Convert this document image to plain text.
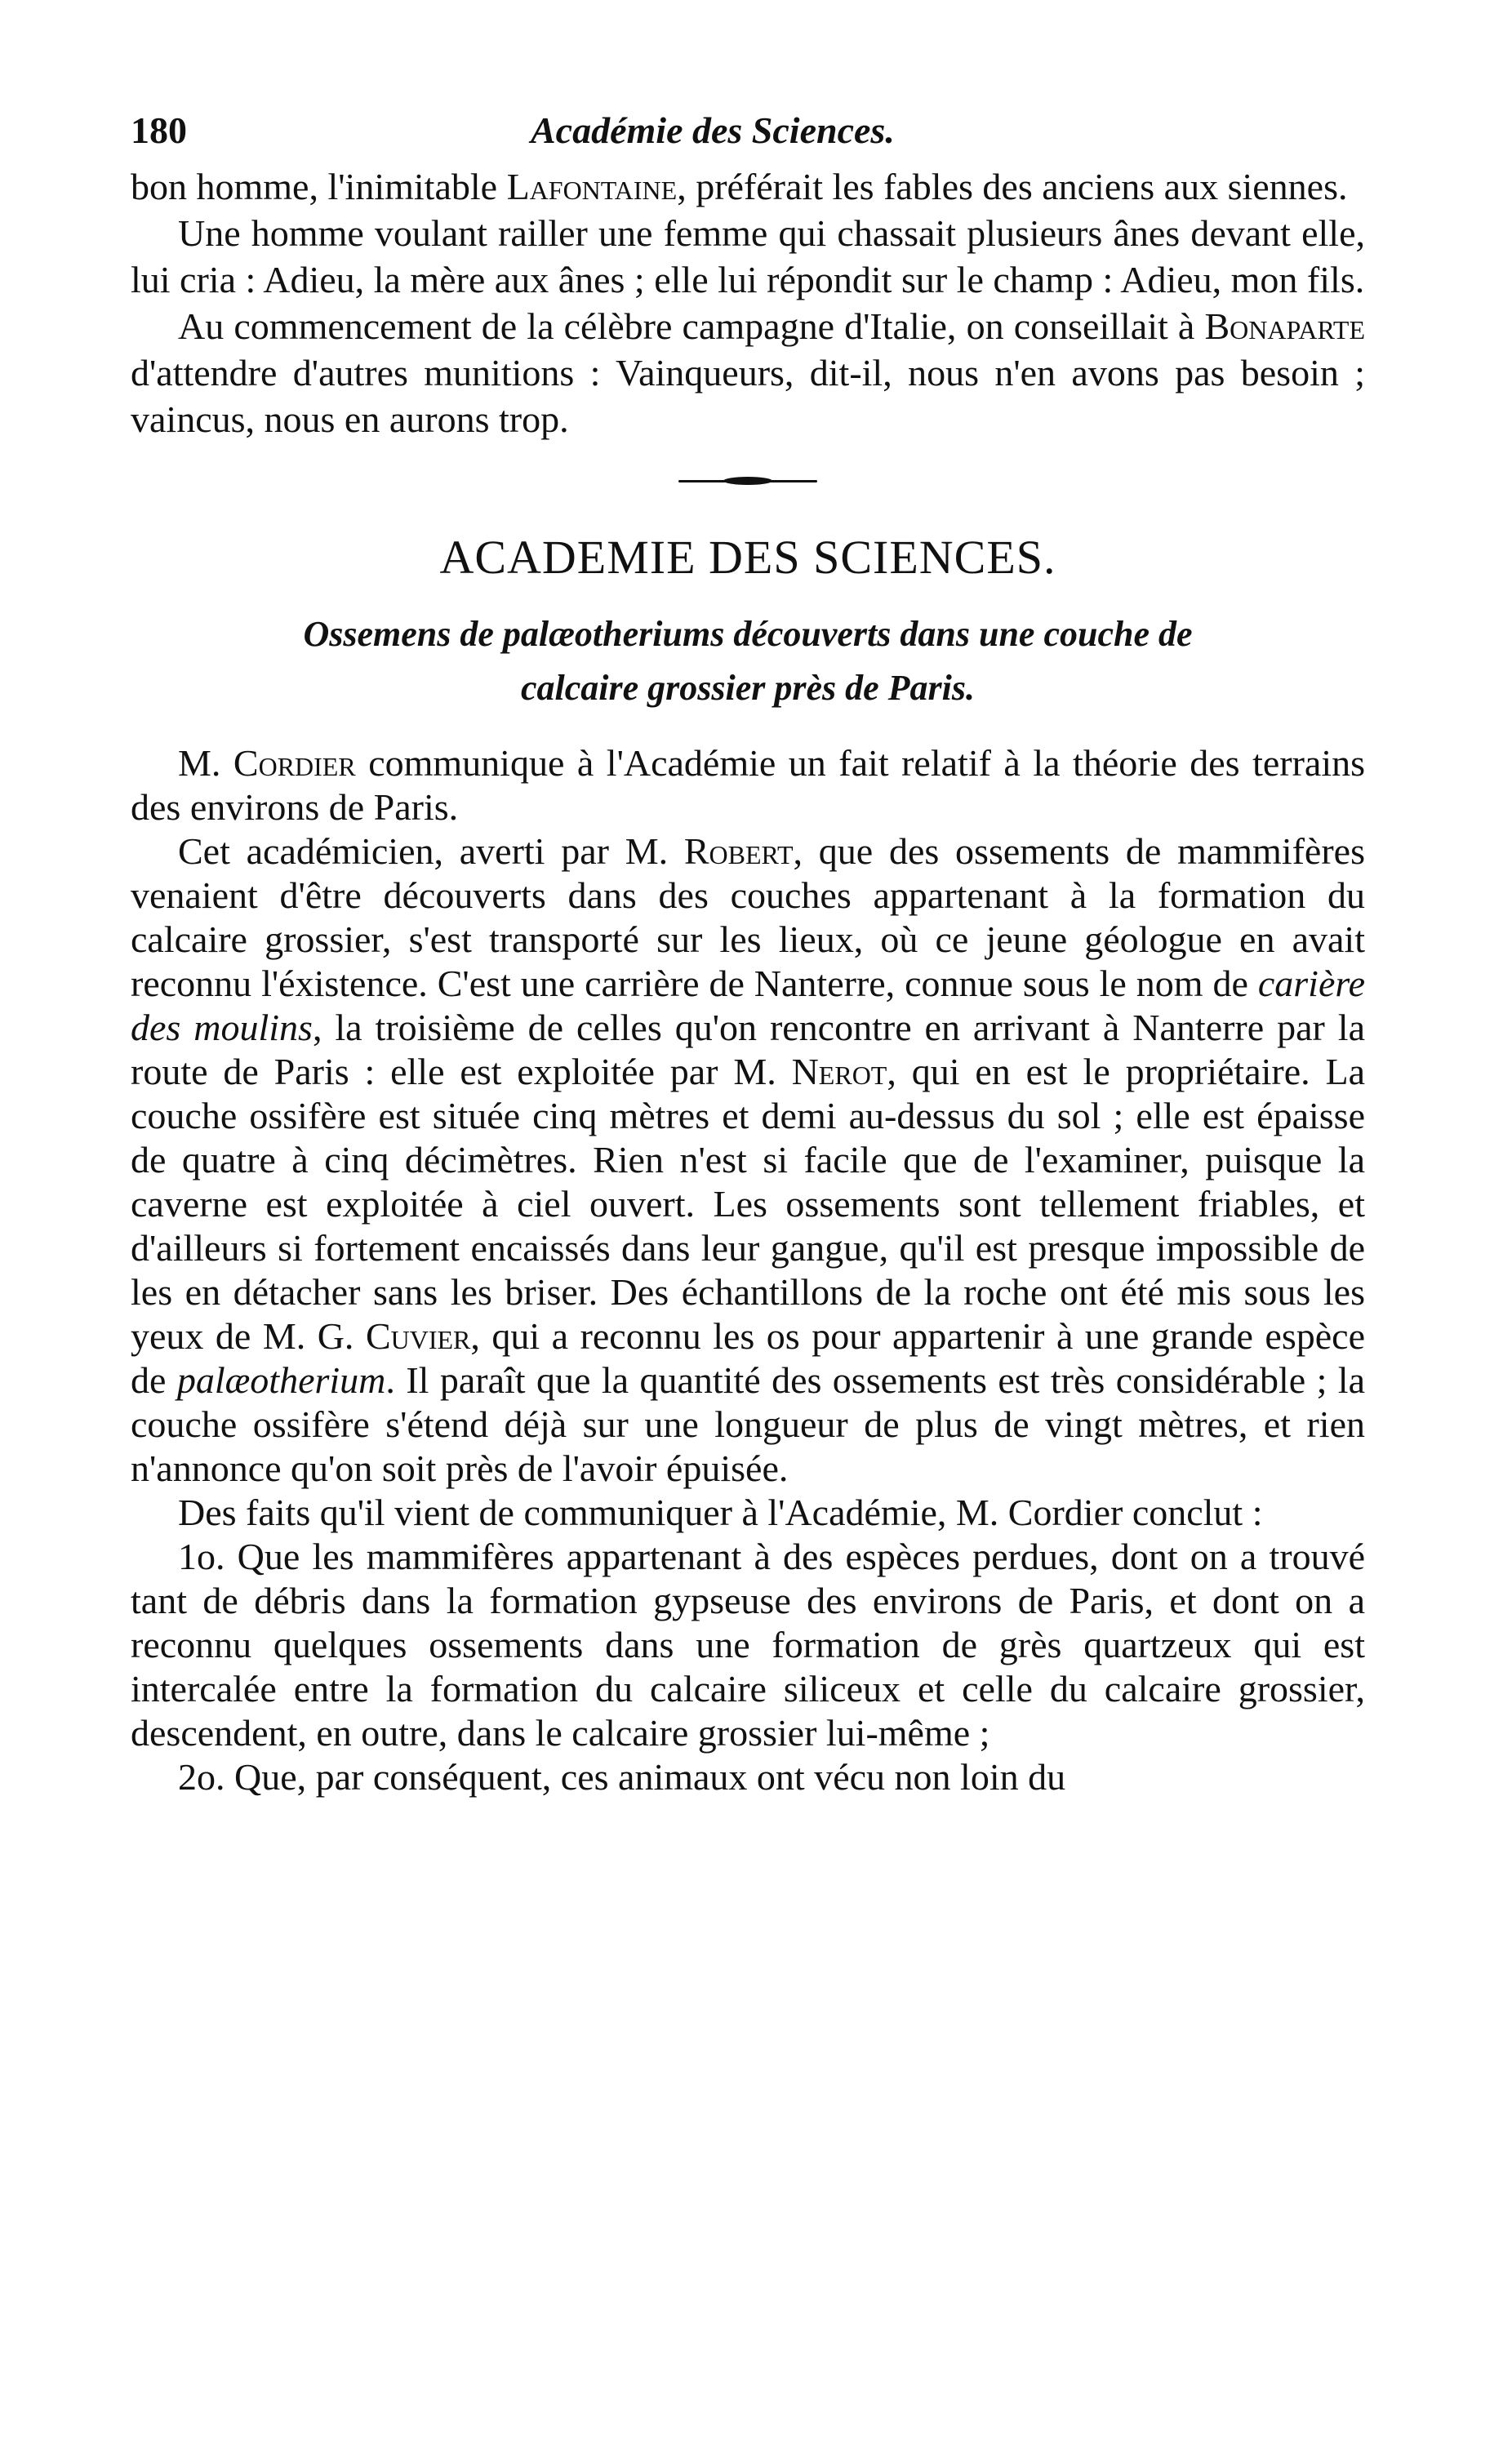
180	Académie des Sciences.

bon homme, l'inimitable Lafontaine, préférait les fables des anciens aux siennes.

Une homme voulant railler une femme qui chassait plusieurs ânes devant elle, lui cria : Adieu, la mère aux ânes ; elle lui répondit sur le champ : Adieu, mon fils.

Au commencement de la célèbre campagne d'Italie, on conseillait à Bonaparte d'attendre d'autres munitions : Vainqueurs, dit-il, nous n'en avons pas besoin ; vaincus, nous en aurons trop.

ACADEMIE DES SCIENCES.
Ossemens de palæotheriums découverts dans une couche de
calcaire grossier près de Paris.

M. Cordier communique à l'Académie un fait relatif à la théorie des terrains des environs de Paris.

Cet académicien, averti par M. Robert, que des ossements de mammifères venaient d'être découverts dans des couches appartenant à la formation du calcaire grossier, s'est transporté sur les lieux, où ce jeune géologue en avait reconnu l'éxistence. C'est une carrière de Nanterre, connue sous le nom de carière des moulins, la troisième de celles qu'on rencontre en arrivant à Nanterre par la route de Paris : elle est exploitée par M. Nerot, qui en est le propriétaire. La couche ossifère est située cinq mètres et demi au-dessus du sol ; elle est épaisse de quatre à cinq décimètres. Rien n'est si facile que de l'examiner, puisque la caverne est exploitée à ciel ouvert. Les ossements sont tellement friables, et d'ailleurs si fortement encaissés dans leur gangue, qu'il est presque impossible de les en détacher sans les briser. Des échantillons de la roche ont été mis sous les yeux de M. G. Cuvier, qui a reconnu les os pour appartenir à une grande espèce de palæotherium. Il paraît que la quantité des ossements est très considérable ; la couche ossifère s'étend déjà sur une longueur de plus de vingt mètres, et rien n'annonce qu'on soit près de l'avoir épuisée.

Des faits qu'il vient de communiquer à l'Académie, M. Cordier conclut :

1o. Que les mammifères appartenant à des espèces perdues, dont on a trouvé tant de débris dans la formation gypseuse des environs de Paris, et dont on a reconnu quelques ossements dans une formation de grès quartzeux qui est intercalée entre la formation du calcaire siliceux et celle du calcaire grossier, descendent, en outre, dans le calcaire grossier lui-même ;

2o. Que, par conséquent, ces animaux ont vécu non loin du
